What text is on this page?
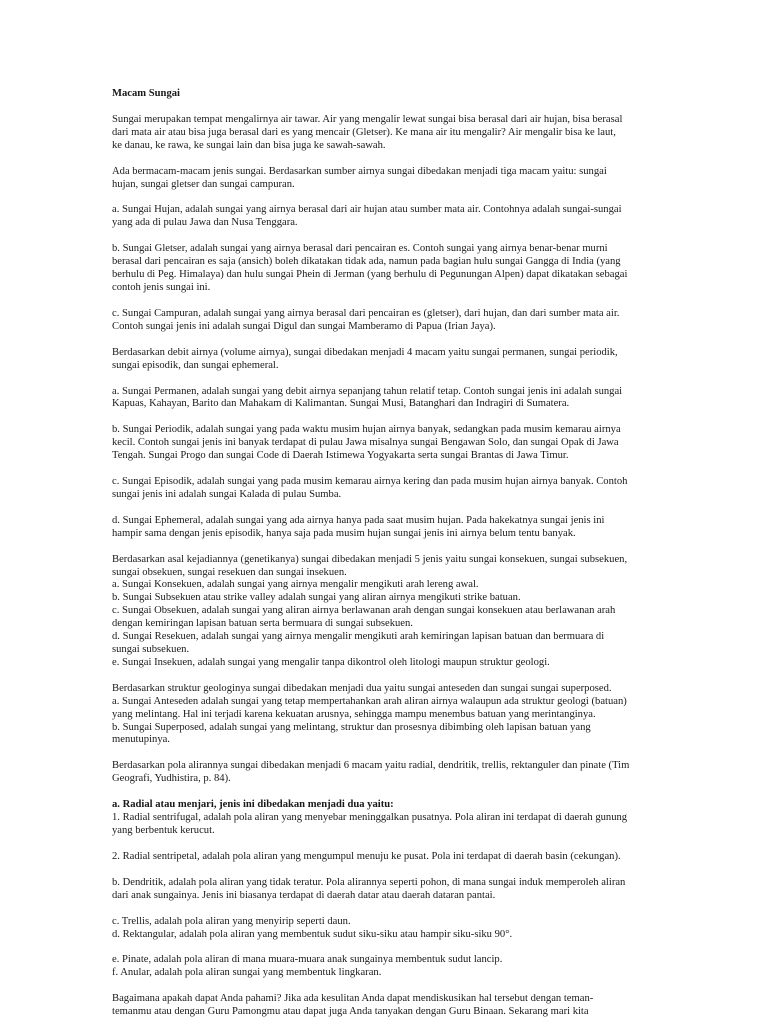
Macam Sungai
Sungai merupakan tempat mengalirnya air tawar. Air yang mengalir lewat sungai bisa berasal dari air hujan, bisa berasal
dari mata air atau bisa juga berasal dari es yang mencair (Gletser). Ke mana air itu mengalir? Air mengalir bisa ke laut,
ke danau, ke rawa, ke sungai lain dan bisa juga ke sawah-sawah.
Ada bermacam-macam jenis sungai. Berdasarkan sumber airnya sungai dibedakan menjadi tiga macam yaitu: sungai
hujan, sungai gletser dan sungai campuran.
a. Sungai Hujan, adalah sungai yang airnya berasal dari air hujan atau sumber mata air. Contohnya adalah sungai-sungai
yang ada di pulau Jawa dan Nusa Tenggara.
b. Sungai Gletser, adalah sungai yang airnya berasal dari pencairan es. Contoh sungai yang airnya benar-benar murni
berasal dari pencairan es saja (ansich) boleh dikatakan tidak ada, namun pada bagian hulu sungai Gangga di India (yang
berhulu di Peg. Himalaya) dan hulu sungai Phein di Jerman (yang berhulu di Pegunungan Alpen) dapat dikatakan sebagai
contoh jenis sungai ini.
c. Sungai Campuran, adalah sungai yang airnya berasal dari pencairan es (gletser), dari hujan, dan dari sumber mata air.
Contoh sungai jenis ini adalah sungai Digul dan sungai Mamberamo di Papua (Irian Jaya).
Berdasarkan debit airnya (volume airnya), sungai dibedakan menjadi 4 macam yaitu sungai permanen, sungai periodik,
sungai episodik, dan sungai ephemeral.
a. Sungai Permanen, adalah sungai yang debit airnya sepanjang tahun relatif tetap. Contoh sungai jenis ini adalah sungai
Kapuas, Kahayan, Barito dan Mahakam di Kalimantan. Sungai Musi, Batanghari dan Indragiri di Sumatera.
b. Sungai Periodik, adalah sungai yang pada waktu musim hujan airnya banyak, sedangkan pada musim kemarau airnya
kecil. Contoh sungai jenis ini banyak terdapat di pulau Jawa misalnya sungai Bengawan Solo, dan sungai Opak di Jawa
Tengah. Sungai Progo dan sungai Code di Daerah Istimewa Yogyakarta serta sungai Brantas di Jawa Timur.
c. Sungai Episodik, adalah sungai yang pada musim kemarau airnya kering dan pada musim hujan airnya banyak. Contoh
sungai jenis ini adalah sungai Kalada di pulau Sumba.
d. Sungai Ephemeral, adalah sungai yang ada airnya hanya pada saat musim hujan. Pada hakekatnya sungai jenis ini
hampir sama dengan jenis episodik, hanya saja pada musim hujan sungai jenis ini airnya belum tentu banyak.
Berdasarkan asal kejadiannya (genetikanya) sungai dibedakan menjadi 5 jenis yaitu sungai konsekuen, sungai subsekuen,
sungai obsekuen, sungai resekuen dan sungai insekuen.
a. Sungai Konsekuen, adalah sungai yang airnya mengalir mengikuti arah lereng awal.
b. Sungai Subsekuen atau strike valley adalah sungai yang aliran airnya mengikuti strike batuan.
c. Sungai Obsekuen, adalah sungai yang aliran airnya berlawanan arah dengan sungai konsekuen atau berlawanan arah
dengan kemiringan lapisan batuan serta bermuara di sungai subsekuen.
d. Sungai Resekuen, adalah sungai yang airnya mengalir mengikuti arah kemiringan lapisan batuan dan bermuara di
sungai subsekuen.
e. Sungai Insekuen, adalah sungai yang mengalir tanpa dikontrol oleh litologi maupun struktur geologi.
Berdasarkan struktur geologinya sungai dibedakan menjadi dua yaitu sungai anteseden dan sungai sungai superposed.
a. Sungai Anteseden adalah sungai yang tetap mempertahankan arah aliran airnya walaupun ada struktur geologi (batuan)
yang melintang. Hal ini terjadi karena kekuatan arusnya, sehingga mampu menembus batuan yang merintanginya.
b. Sungai Superposed, adalah sungai yang melintang, struktur dan prosesnya dibimbing oleh lapisan batuan yang
menutupinya.
Berdasarkan pola alirannya sungai dibedakan menjadi 6 macam yaitu radial, dendritik, trellis, rektanguler dan pinate (Tim
Geografi, Yudhistira, p. 84).
a. Radial atau menjari, jenis ini dibedakan menjadi dua yaitu:
1. Radial sentrifugal, adalah pola aliran yang menyebar meninggalkan pusatnya. Pola aliran ini terdapat di daerah gunung
yang berbentuk kerucut.
2. Radial sentripetal, adalah pola aliran yang mengumpul menuju ke pusat. Pola ini terdapat di daerah basin (cekungan).
b. Dendritik, adalah pola aliran yang tidak teratur. Pola alirannya seperti pohon, di mana sungai induk memperoleh aliran
dari anak sungainya. Jenis ini biasanya terdapat di daerah datar atau daerah dataran pantai.
c. Trellis, adalah pola aliran yang menyirip seperti daun.
d. Rektangular, adalah pola aliran yang membentuk sudut siku-siku atau hampir siku-siku 90°.
e. Pinate, adalah pola aliran di mana muara-muara anak sungainya membentuk sudut lancip.
f. Anular, adalah pola aliran sungai yang membentuk lingkaran.
Bagaimana apakah dapat Anda pahami? Jika ada kesulitan Anda dapat mendiskusikan hal tersebut dengan teman-
temanmu atau dengan Guru Pamongmu atau dapat juga Anda tanyakan dengan Guru Binaan. Sekarang mari kita
